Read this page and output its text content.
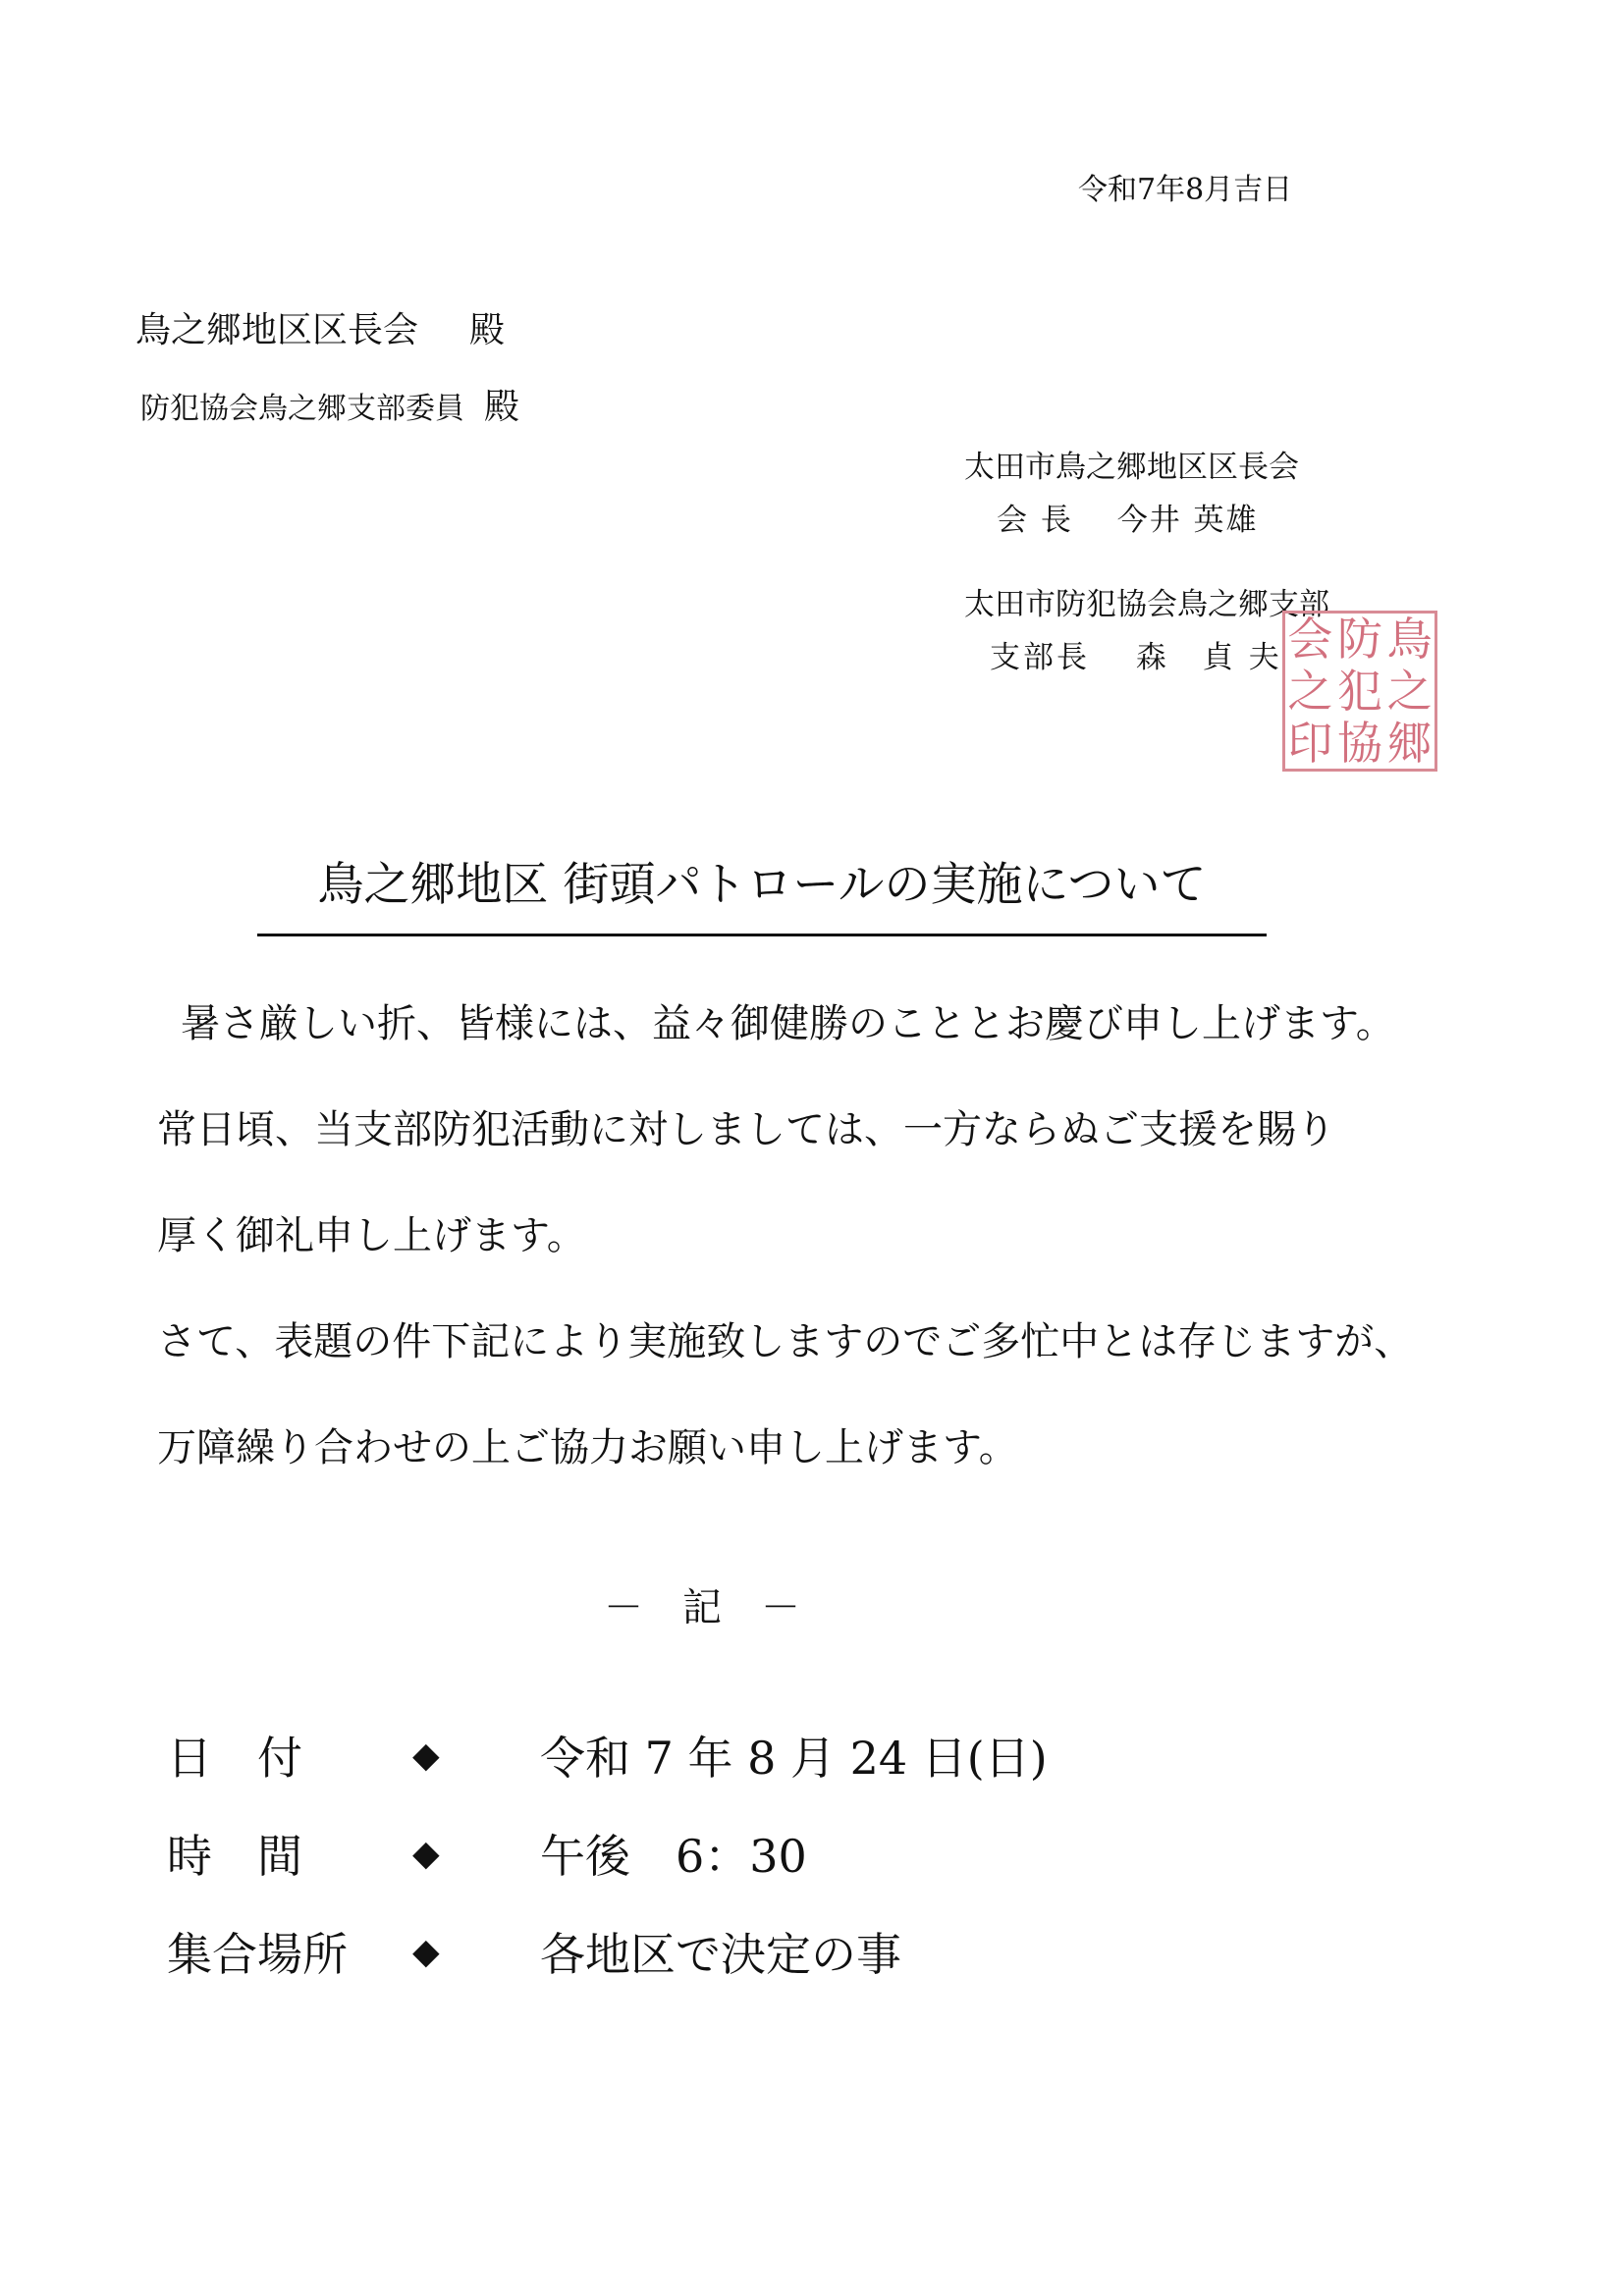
令和7年8月吉日
鳥之郷地区区長会 殿
防犯協会鳥之郷支部委員 殿
太田市鳥之郷地区区長会
会 長　 今井 英雄
太田市防犯協会鳥之郷支部
支部長　 森　貞 夫 会 防 鳥
之 犯 之
印 協 郷
鳥之郷地区 街頭パトロールの実施について

暑さ厳しい折、皆様には、益々御健勝のこととお慶び申し上げます。

常日頃、当支部防犯活動に対しましては、一方ならぬご支援を賜り

厚く御礼申し上げます。

さて、表題の件下記により実施致しますのでご多忙中とは存じますが、

万障繰り合わせの上ご協力お願い申し上げます。

－　記　－
日　付	◆	令和 7 年 8 月 24 日(日)
時　間	◆	午後　6：30
集合場所	◆	各地区で決定の事
